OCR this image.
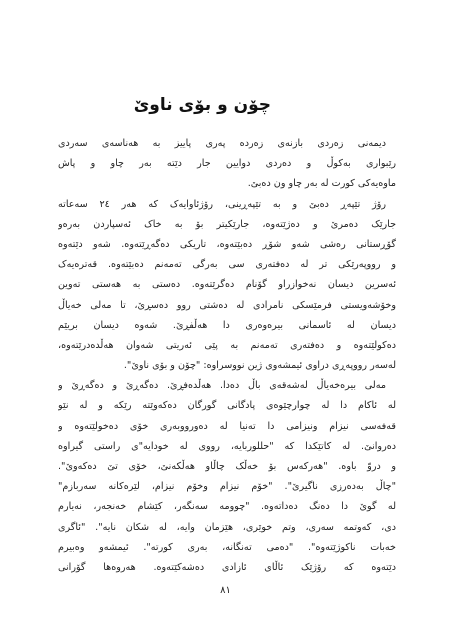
چۆن و بۆی ناوێ
دیمەنی زەردی بازنەی زەردە پەری پاییز بە هەناسەی سەردی
رێبواری بەکوڵ و دەردی دوایین جار دێتە بەر چاو و پاش
ماوەیەکی کورت لە بەر چاو ون دەبێ.
رۆژ تێپەڕ دەبێ و بە تێپەڕینی، رۆژئاوایەک کە هەر ٢٤ سەعاتە
جارێک دەمرێ و دەژێتەوە، جارێکیتر بۆ بە خاک ئەسپاردن بەرەو
گۆڕستانی رەشی شەو شۆڕ دەبێتەوە، تاریکی دەگەڕێتەوە. شەو دێتەوە
و رووپەرێکی تر لە دەفتەری سی بەرگی تەمەنم دەبێتەوە. قەترەیەک
ئەسرین دیسان نەخوازراو گۆنام دەگرێتەوە. دەستی بە هەستی تەوین
وخۆشەویستی فرمێسکی نامرادی لە دەشتی روو دەسڕێ، تا مەلی خەیاڵ
دیسان لە ئاسمانی بیرەوەری دا هەڵفڕێ. شەوە دیسان بریێم
دەکولێتەوە و دەفتەری تەمەنم بە پێی ئەریتی شەوان هەڵدەدرێتەوە،
لەسەر رووپەڕی دراوی ئیمشەوی ژین نووسراوە: "چۆن و بۆی ناوێ".
مەلی بیرەخەیاڵ لەشەقەی باڵ دەدا. هەڵدەفڕێ. دەگەڕێ و دەگەڕێ و
لە ئاکام دا لە چوارچێوەی پادگانی گورگان دەکەوێتە رێکە و لە نێو
قەفەسی نیزام ونیزامی دا تەنیا لە دەورووبەری خۆی دەخولێتەوە و
دەروانێ. لە کاتێکدا کە "حللوربایە، رووی لە خودایە"ی راستی گیراوە
و دروّ باوە. "هەرکەس بۆ خەڵک چاڵاو هەڵکەنێ، خۆی تێ دەکەوێ".
"چاڵ بەدەرزی ناگیرێ". "خۆم نیزام وخۆم نیزام، لێرەکانە سەربازم"
لە گوێ دا دەنگ دەداتەوە. "چوومە سەنگەر، کێشام خەنجەر، نەیارم
دی، کەوتمە سەری، وتم خوێری، هێزمان وایە، لە شکان نایە". "ئاگری
خەبات ناکوژێتەوە". "دەمی تەنگانە، بەری کورتە". ئیمشەو وەبیرم
دێتەوە کە رۆژێک ئاڵای ئازادی دەشەکێتەوە. هەروەها گۆرانی
٨١
